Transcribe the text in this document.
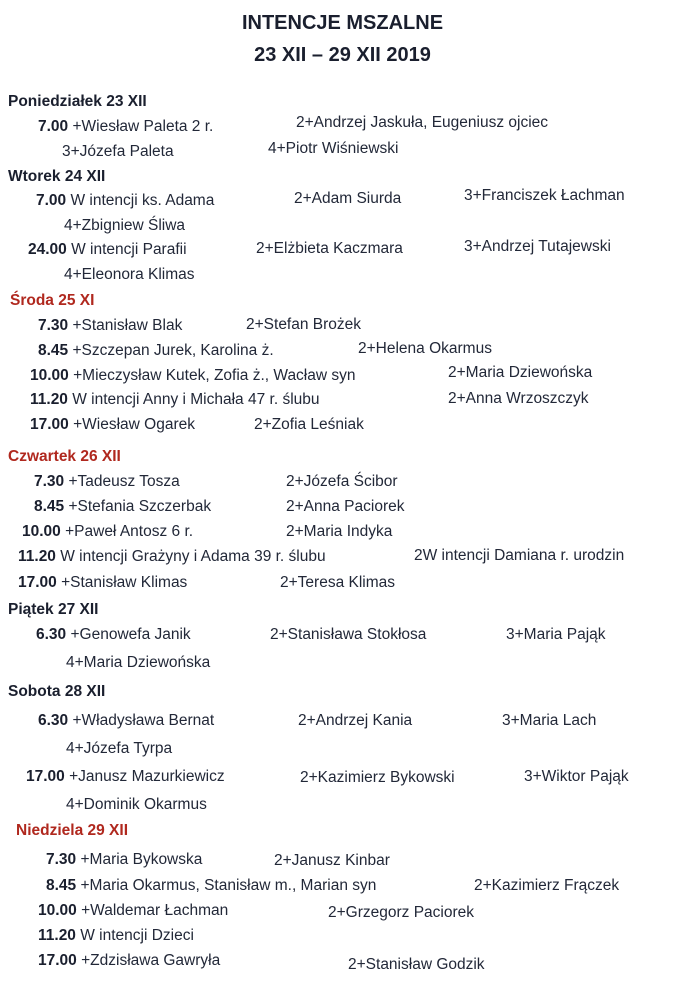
INTENCJE MSZALNE
23 XII – 29 XII 2019
Poniedziałek 23 XII
7.00 +Wiesław Paleta 2 r.	2+Andrzej Jaskuła, Eugeniusz ojciec
3+Józefa Paleta	4+Piotr Wiśniewski
Wtorek 24 XII
7.00 W intencji ks. Adama	2+Adam Siurda	3+Franciszek Łachman
4+Zbigniew Śliwa
24.00 W intencji Parafii	2+Elżbieta Kaczmara	3+Andrzej Tutajewski
4+Eleonora Klimas
Środa 25 XI
7.30 +Stanisław Blak	2+Stefan Brożek
8.45 +Szczepan Jurek, Karolina ż.	2+Helena Okarmus
10.00 +Mieczysław Kutek, Zofia ż., Wacław syn	2+Maria Dziewońska
11.20 W intencji Anny i Michała 47 r. ślubu	2+Anna Wrzoszczyk
17.00 +Wiesław Ogarek	2+Zofia Leśniak
Czwartek 26 XII
7.30 +Tadeusz Tosza	2+Józefa Ścibor
8.45 +Stefania Szczerbak	2+Anna Paciorek
10.00 +Paweł Antosz 6 r.	2+Maria Indyka
11.20 W intencji Grażyny i Adama 39 r. ślubu	2W intencji Damiana r. urodzin
17.00 +Stanisław Klimas	2+Teresa Klimas
Piątek 27 XII
6.30 +Genowefa Janik	2+Stanisława Stokłosa	3+Maria Pająk
4+Maria Dziewońska
Sobota 28 XII
6.30 +Władysława Bernat	2+Andrzej Kania	3+Maria Lach
4+Józefa Tyrpa
17.00 +Janusz Mazurkiewicz	2+Kazimierz Bykowski	3+Wiktor Pająk
4+Dominik Okarmus
Niedziela 29 XII
7.30 +Maria Bykowska	2+Janusz Kinbar
8.45 +Maria Okarmus, Stanisław m., Marian syn	2+Kazimierz Frączek
10.00 +Waldemar Łachman	2+Grzegorz Paciorek
11.20 W intencji Dzieci
17.00 +Zdzisława Gawryła	2+Stanisław Godzik
